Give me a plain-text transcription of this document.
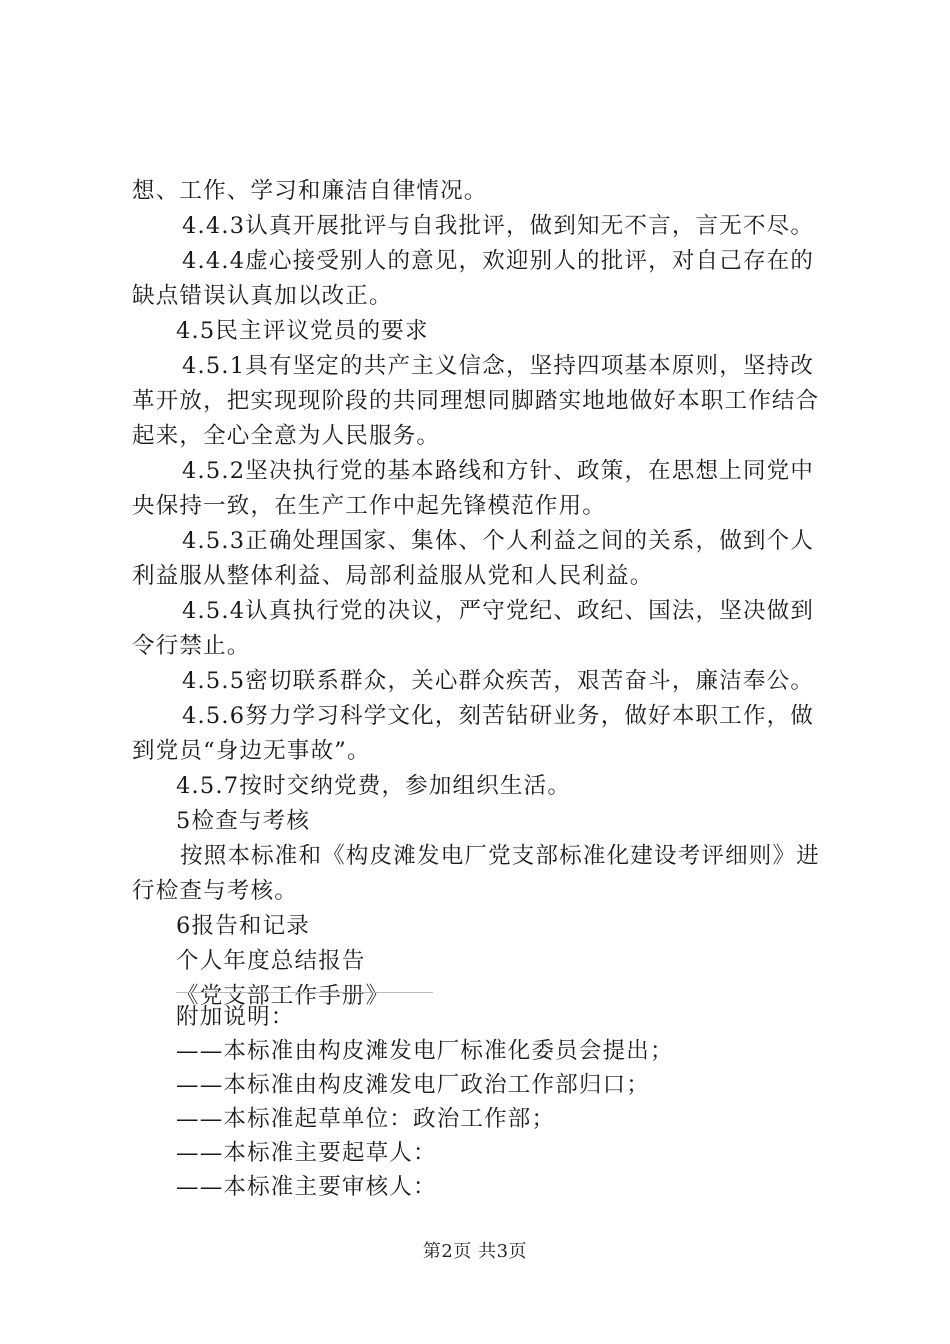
想、工作、学习和廉洁自律情况。

4.4.3认真开展批评与自我批评，做到知无不言，言无不尽。

4.4.4虚心接受别人的意见，欢迎别人的批评，对自己存在的缺点错误认真加以改正。

4.5民主评议党员的要求

4.5.1具有坚定的共产主义信念，坚持四项基本原则，坚持改革开放，把实现现阶段的共同理想同脚踏实地地做好本职工作结合起来，全心全意为人民服务。

4.5.2坚决执行党的基本路线和方针、政策，在思想上同党中央保持一致，在生产工作中起先锋模范作用。

4.5.3正确处理国家、集体、个人利益之间的关系，做到个人利益服从整体利益、局部利益服从党和人民利益。

4.5.4认真执行党的决议，严守党纪、政纪、国法，坚决做到令行禁止。

4.5.5密切联系群众，关心群众疾苦，艰苦奋斗，廉洁奉公。

4.5.6努力学习科学文化，刻苦钻研业务，做好本职工作，做到党员“身边无事故”。

4.5.7按时交纳党费，参加组织生活。

5检查与考核

按照本标准和《构皮滩发电厂党支部标准化建设考评细则》进行检查与考核。

6报告和记录

个人年度总结报告

《党支部工作手册》

附加说明：

——本标准由构皮滩发电厂标准化委员会提出；

——本标准由构皮滩发电厂政治工作部归口；

——本标准起草单位：政治工作部；

——本标准主要起草人：

——本标准主要审核人：

第2页 共3页
